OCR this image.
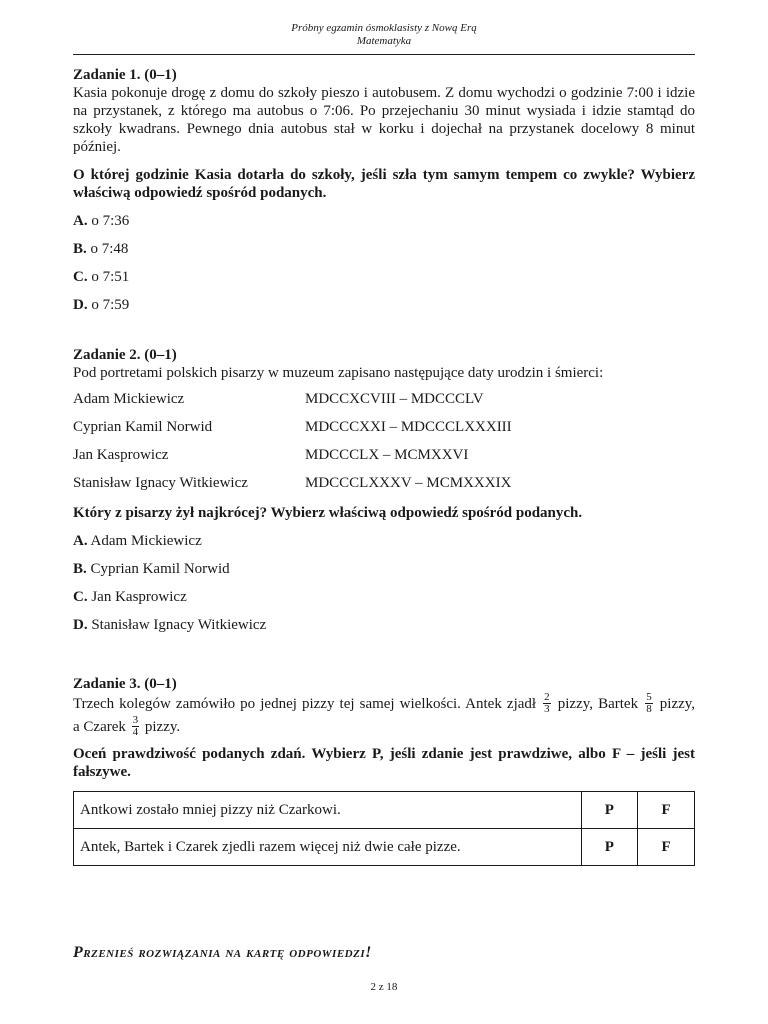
Próbny egzamin ósmoklasisty z Nową Erą
Matematyka
Zadanie 1. (0–1)
Kasia pokonuje drogę z domu do szkoły pieszo i autobusem. Z domu wychodzi o godzinie 7:00 i idzie na przystanek, z którego ma autobus o 7:06. Po przejechaniu 30 minut wysiada i idzie stamtąd do szkoły kwadrans. Pewnego dnia autobus stał w korku i dojechał na przystanek docelowy 8 minut później.
O której godzinie Kasia dotarła do szkoły, jeśli szła tym samym tempem co zwykle? Wybierz właściwą odpowiedź spośród podanych.
A. o 7:36
B. o 7:48
C. o 7:51
D. o 7:59
Zadanie 2. (0–1)
Pod portretami polskich pisarzy w muzeum zapisano następujące daty urodzin i śmierci:
Adam Mickiewicz	MDCCXCVIII – MDCCCLV
Cyprian Kamil Norwid	MDCCCXXI – MDCCCLXXXIII
Jan Kasprowicz	MDCCCLX – MCMXXVI
Stanisław Ignacy Witkiewicz	MDCCCLXXXV – MCMXXXIX
Który z pisarzy żył najkrócej? Wybierz właściwą odpowiedź spośród podanych.
A. Adam Mickiewicz
B. Cyprian Kamil Norwid
C. Jan Kasprowicz
D. Stanisław Ignacy Witkiewicz
Zadanie 3. (0–1)
Trzech kolegów zamówiło po jednej pizzy tej samej wielkości. Antek zjadł $\frac{2}{3}$ pizzy, Bartek $\frac{5}{8}$ pizzy,
a Czarek $\frac{3}{4}$ pizzy.
Oceń prawdziwość podanych zdań. Wybierz P, jeśli zdanie jest prawdziwe, albo F – jeśli jest fałszywe.
Antkowi zostało mniej pizzy niż Czarkowi.	P	F
Antek, Bartek i Czarek zjedli razem więcej niż dwie całe pizze.	P	F
Przenieś rozwiązania na kartę odpowiedzi!
2 z 18
